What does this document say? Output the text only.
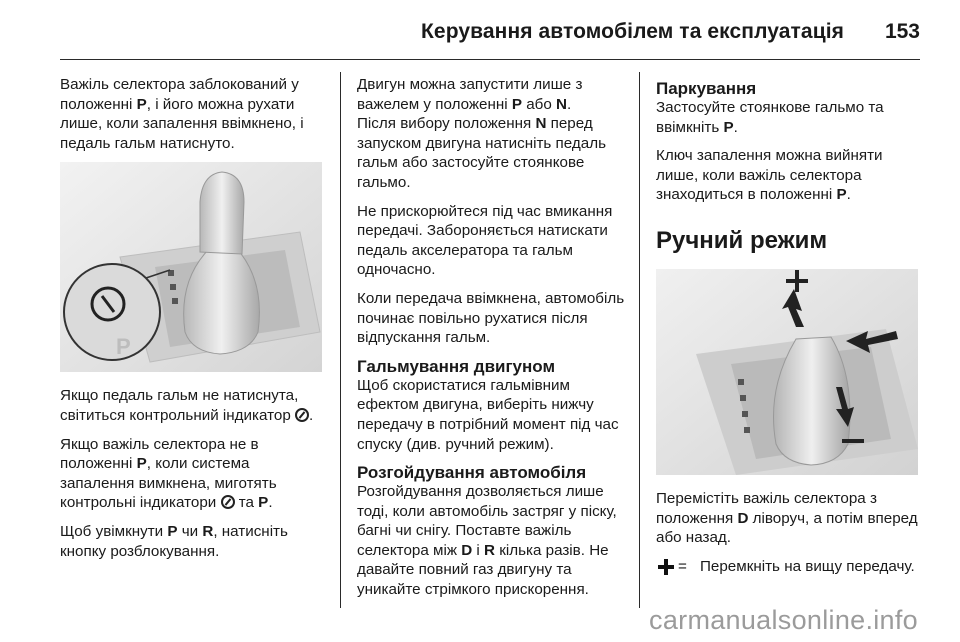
Керування автомобілем та експлуатація 153

Важіль селектора заблокований у положенні P, і його можна рухати лише, коли запалення ввімкнено, і педаль гальм натиснуто.

P

Якщо педаль гальм не натиснута, світиться контрольний індикатор .

Якщо важіль селектора не в положенні P, коли система запалення вимкнена, миготять контрольні індикатори  та P.

Щоб увімкнути P чи R, натисніть кнопку розблокування.

Двигун можна запустити лише з важелем у положенні P або N.

Після вибору положення N перед запуском двигуна натисніть педаль гальм або застосуйте стоянкове гальмо.

Не прискорюйтеся під час вмикання передачі. Забороняється натискати педаль акселератора та гальм одночасно.

Коли передача ввімкнена, автомобіль починає повільно рухатися після відпускання гальм.

Гальмування двигуном

Щоб скористатися гальмівним ефектом двигуна, виберіть нижчу передачу в потрібний момент під час спуску (див. ручний режим).

Розгойдування автомобіля

Розгойдування дозволяється лише тоді, коли автомобіль застряг у піску, багні чи снігу. Поставте важіль селектора між D і R кілька разів. Не давайте повний газ двигуну та уникайте стрімкого прискорення.

Паркування

Застосуйте стоянкове гальмо та ввімкніть P.

Ключ запалення можна вийняти лише, коли важіль селектора знаходиться в положенні P.

Ручний режим

Перемістіть важіль селектора з положення D ліворуч, а потім вперед або назад.

= Перемкніть на вищу передачу.
carmanualsonline.info
